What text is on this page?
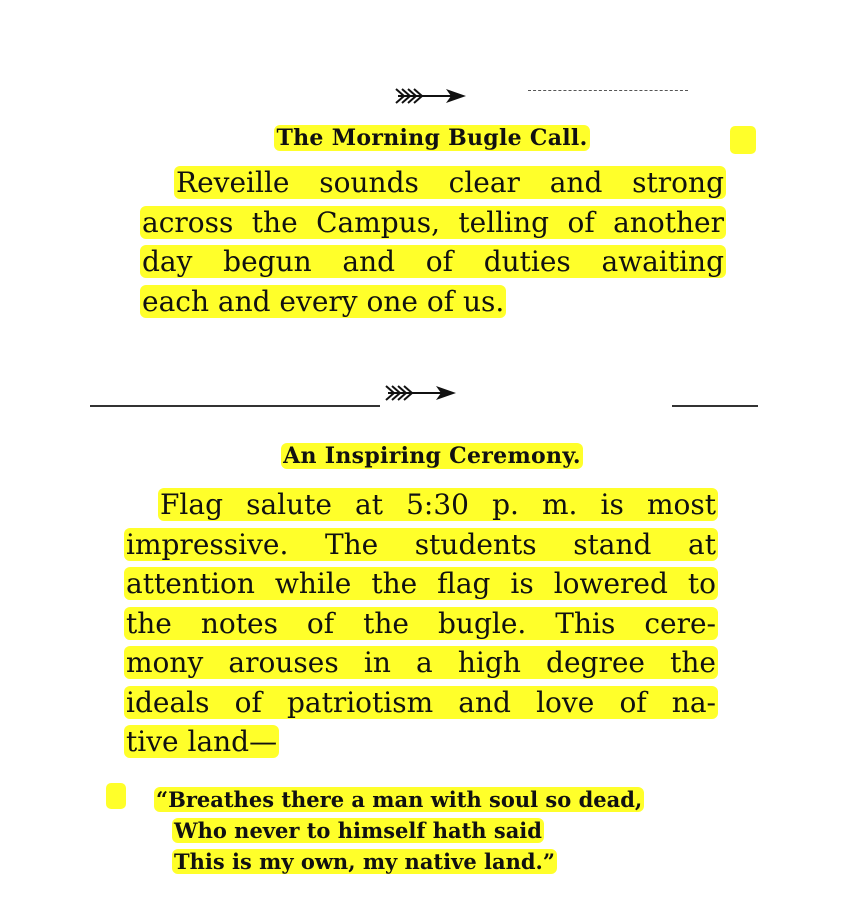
The Morning Bugle Call.
Reveille sounds clear and strong
across the Campus, telling of another
day begun and of duties awaiting
each and every one of us.
An Inspiring Ceremony.
Flag salute at 5:30 p. m. is most
impressive. The students stand at
attention while the flag is lowered to
the notes of the bugle. This cere-
mony arouses in a high degree the
ideals of patriotism and love of na-
tive land—
“Breathes there a man with soul so dead,
Who never to himself hath said
This is my own, my native land.”
